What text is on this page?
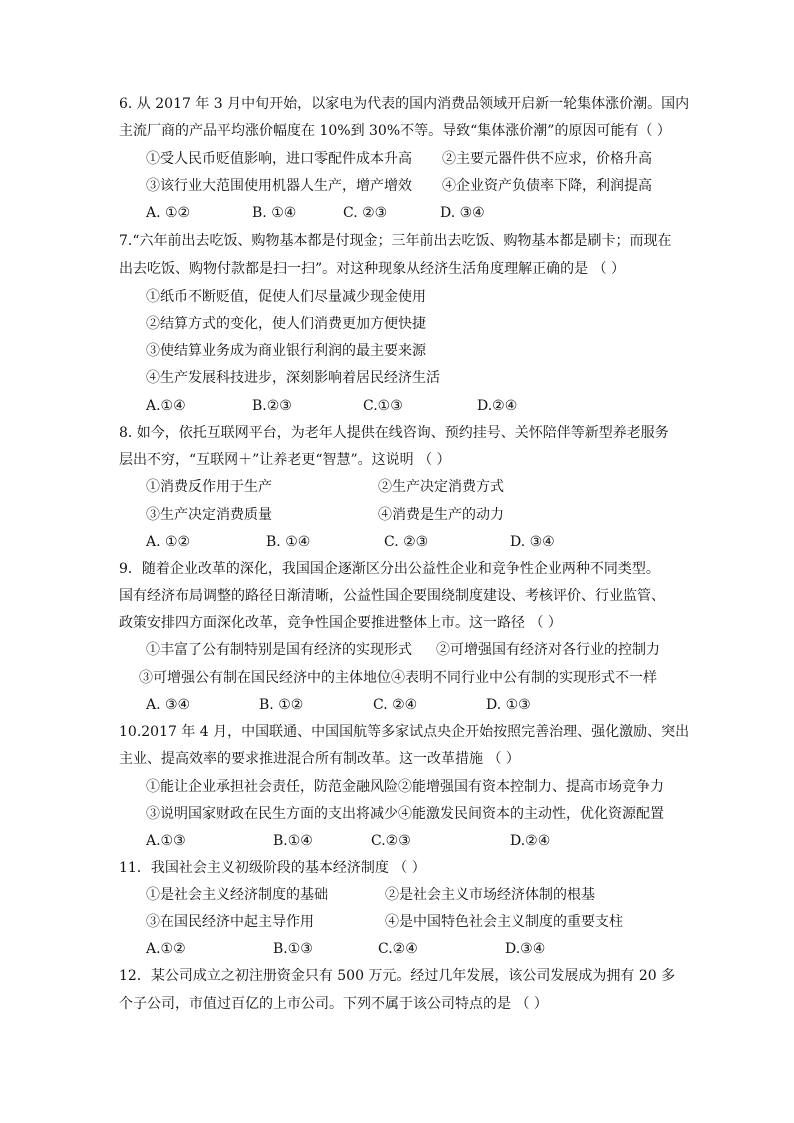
6. 从 2017 年 3 月中旬开始，以家电为代表的国内消费品领域开启新一轮集体涨价潮。国内
主流厂商的产品平均涨价幅度在 10%到 30%不等。导致“集体涨价潮”的原因可能有（ ）
①受人民币贬值影响，进口零配件成本升高 ②主要元器件供不应求，价格升高
③该行业大范围使用机器人生产，增产增效 ④企业资产负债率下降，利润提高
A. ①②	B. ①④	C. ②③	D. ③④
7.“六年前出去吃饭、购物基本都是付现金；三年前出去吃饭、购物基本都是刷卡；而现在
出去吃饭、购物付款都是扫一扫”。对这种现象从经济生活角度理解正确的是 （ ）
①纸币不断贬值，促使人们尽量减少现金使用
②结算方式的变化，使人们消费更加方便快捷
③使结算业务成为商业银行利润的最主要来源
④生产发展科技进步，深刻影响着居民经济生活
A.①④	B.②③	C.①③	D.②④
8. 如今，依托互联网平台，为老年人提供在线咨询、预约挂号、关怀陪伴等新型养老服务
层出不穷，“互联网＋”让养老更“智慧”。这说明 （ ）
①消费反作用于生产	②生产决定消费方式
③生产决定消费质量	④消费是生产的动力
A. ①②	B. ①④	C. ②③	D. ③④
9．随着企业改革的深化，我国国企逐渐区分出公益性企业和竞争性企业两种不同类型。
国有经济布局调整的路径日渐清晰，公益性国企要围绕制度建设、考核评价、行业监管、
政策安排四方面深化改革，竞争性国企要推进整体上市。这一路径 （ ）
①丰富了公有制特别是国有经济的实现形式 ②可增强国有经济对各行业的控制力
③可增强公有制在国民经济中的主体地位④表明不同行业中公有制的实现形式不一样
A. ③④	B. ①②	C. ②④	D. ①③
10.2017 年 4 月，中国联通、中国国航等多家试点央企开始按照完善治理、强化激励、突出
主业、提高效率的要求推进混合所有制改革。这一改革措施 （ ）
①能让企业承担社会责任，防范金融风险②能增强国有资本控制力、提高市场竞争力
③说明国家财政在民生方面的支出将减少④能激发民间资本的主动性，优化资源配置
A.①③	B.①④	C.②③	D.②④
11．我国社会主义初级阶段的基本经济制度 （ ）
①是社会主义经济制度的基础	②是社会主义市场经济体制的根基
③在国民经济中起主导作用	④是中国特色社会主义制度的重要支柱
A.①②	B.①③	C.②④	D.③④
12．某公司成立之初注册资金只有 500 万元。经过几年发展，该公司发展成为拥有 20 多
个子公司，市值过百亿的上市公司。下列不属于该公司特点的是 （ ）
